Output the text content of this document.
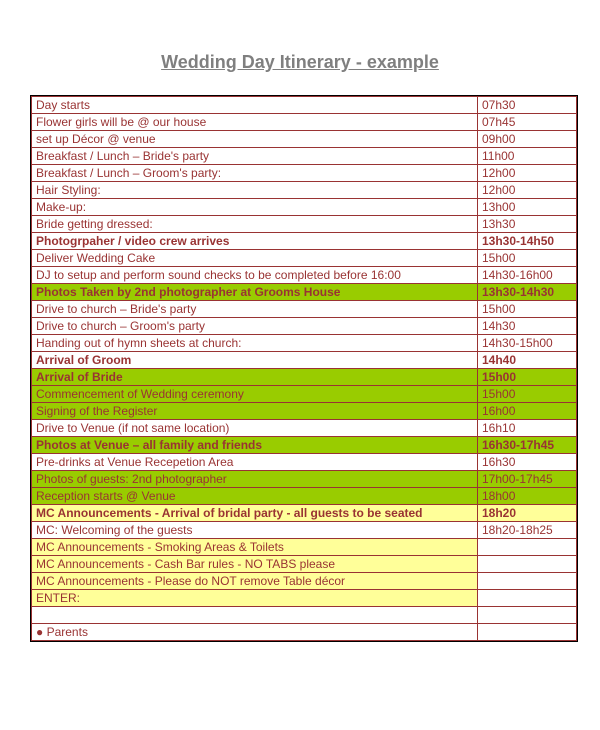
Wedding Day Itinerary - example
Day starts	07h30
Flower girls will be @ our house	07h45
set up Décor @ venue	09h00
Breakfast / Lunch – Bride's party	11h00
Breakfast / Lunch – Groom's party:	12h00
Hair Styling:	12h00
Make-up:	13h00
Bride getting dressed:	13h30
Photogrpaher / video crew arrives	13h30-14h50
Deliver Wedding Cake	15h00
DJ to setup and perform sound checks to be completed before 16:00	14h30-16h00
Photos Taken by 2nd photographer at Grooms House	13h30-14h30
Drive to church – Bride's party	15h00
Drive to church – Groom's party	14h30
Handing out of hymn sheets at church:	14h30-15h00
Arrival of Groom	14h40
Arrival of Bride	15h00
Commencement of Wedding ceremony	15h00
Signing of the Register	16h00
Drive to Venue (if not same location)	16h10
Photos at Venue – all family and friends	16h30-17h45
Pre-drinks at Venue Recepetion Area	16h30
Photos of guests: 2nd photographer	17h00-17h45
Reception starts @ Venue	18h00
MC Announcements - Arrival of bridal party - all guests to be seated	18h20
MC: Welcoming of the guests	18h20-18h25
MC Announcements - Smoking Areas & Toilets	
MC Announcements - Cash Bar rules - NO TABS please	
MC Announcements - Please do NOT remove Table décor	
ENTER:	

● Parents	
